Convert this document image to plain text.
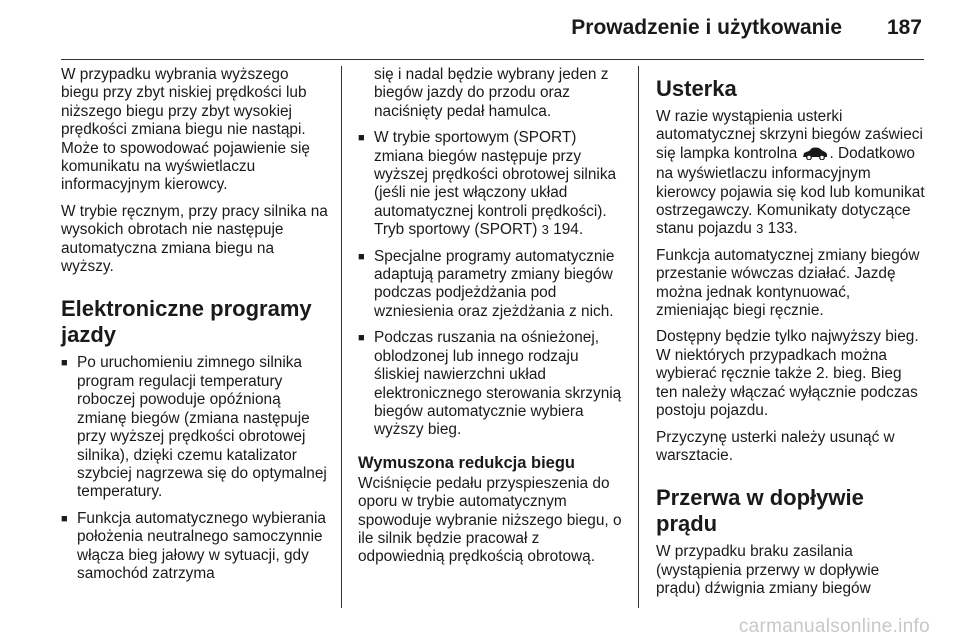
Prowadzenie i użytkowanie 187

W przypadku wybrania wyższego biegu przy zbyt niskiej prędkości lub niższego biegu przy zbyt wysokiej prędkości zmiana biegu nie nastąpi. Może to spowodować pojawienie się komunikatu na wyświetlaczu informacyjnym kierowcy.

W trybie ręcznym, przy pracy silnika na wysokich obrotach nie następuje automatyczna zmiana biegu na wyższy.

Elektroniczne programy jazdy
■ Po uruchomieniu zimnego silnika program regulacji temperatury roboczej powoduje opóźnioną zmianę biegów (zmiana następuje przy wyższej prędkości obrotowej silnika), dzięki czemu katalizator szybciej nagrzewa się do optymalnej temperatury.
■ Funkcja automatycznego wybierania położenia neutralnego samoczynnie włącza bieg jałowy w sytuacji, gdy samochód zatrzyma
się i nadal będzie wybrany jeden z biegów jazdy do przodu oraz naciśnięty pedał hamulca.
■ W trybie sportowym (SPORT) zmiana biegów następuje przy wyższej prędkości obrotowej silnika (jeśli nie jest włączony układ automatycznej kontroli prędkości). Tryb sportowy (SPORT) 3 194.
■ Specjalne programy automatycznie adaptują parametry zmiany biegów podczas podjeżdżania pod wzniesienia oraz zjeżdżania z nich.
■ Podczas ruszania na ośnieżonej, oblodzonej lub innego rodzaju śliskiej nawierzchni układ elektronicznego sterowania skrzynią biegów automatycznie wybiera wyższy bieg.
Wymuszona redukcja biegu

Wciśnięcie pedału przyspieszenia do oporu w trybie automatycznym spowoduje wybranie niższego biegu, o ile silnik będzie pracował z odpowiednią prędkością obrotową.

Usterka

W razie wystąpienia usterki automatycznej skrzyni biegów zaświeci się lampka kontrolna . Dodatkowo na wyświetlaczu informacyjnym kierowcy pojawia się kod lub komunikat ostrzegawczy. Komunikaty dotyczące stanu pojazdu 3 133.

Funkcja automatycznej zmiany biegów przestanie wówczas działać. Jazdę można jednak kontynuować, zmieniając biegi ręcznie.

Dostępny będzie tylko najwyższy bieg. W niektórych przypadkach można wybierać ręcznie także 2. bieg. Bieg ten należy włączać wyłącznie podczas postoju pojazdu.

Przyczynę usterki należy usunąć w warsztacie.

Przerwa w dopływie prądu

W przypadku braku zasilania (wystąpienia przerwy w dopływie prądu) dźwignia zmiany biegów

carmanualsonline.info
